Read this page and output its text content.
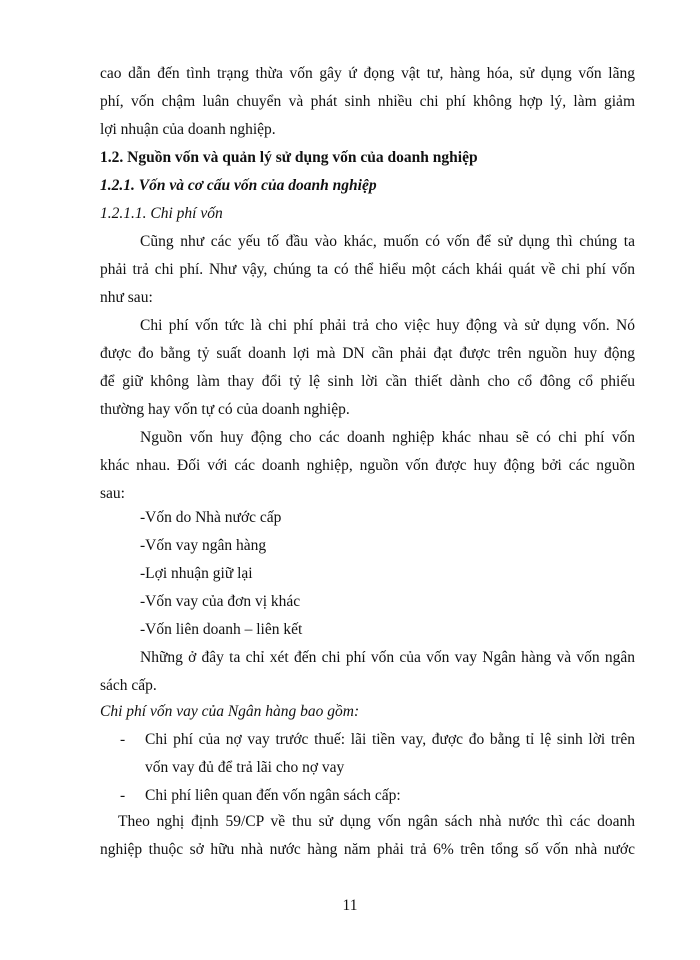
cao dẫn đến tình trạng thừa vốn gây ứ đọng vật tư, hàng hóa, sử dụng vốn lãng
phí, vốn chậm luân chuyển và phát sinh nhiều chi phí không hợp lý, làm giảm
lợi nhuận của doanh nghiệp.
1.2. Nguồn vốn và quản lý sử dụng vốn của doanh nghiệp
1.2.1. Vốn và cơ cấu vốn của doanh nghiệp
1.2.1.1. Chi phí vốn
Cũng như các yếu tố đầu vào khác, muốn có vốn để sử dụng thì chúng ta
phải trả chi phí. Như vậy, chúng ta có thể hiểu một cách khái quát về chi phí vốn
như sau:
Chi phí vốn tức là chi phí phải trả cho việc huy động và sử dụng vốn. Nó
được đo bằng tỷ suất doanh lợi mà DN cần phải đạt được trên nguồn huy động
để giữ không làm thay đổi tỷ lệ sinh lời cần thiết dành cho cổ đông cổ phiếu
thường hay vốn tự có của doanh nghiệp.
Nguồn vốn huy động cho các doanh nghiệp khác nhau sẽ có chi phí vốn
khác nhau. Đối với các doanh nghiệp, nguồn vốn được huy động bởi các nguồn
sau:
-Vốn do Nhà nước cấp
-Vốn vay ngân hàng
-Lợi nhuận giữ lại
-Vốn vay của đơn vị khác
-Vốn liên doanh – liên kết
Những ở đây ta chỉ xét đến chi phí vốn của vốn vay Ngân hàng và vốn ngân
sách cấp.
Chi phí vốn vay của Ngân hàng bao gồm:
- Chi phí của nợ vay trước thuế: lãi tiền vay, được đo bằng tỉ lệ sinh lời trên
vốn vay đủ để trả lãi cho nợ vay
- Chi phí liên quan đến vốn ngân sách cấp:
Theo nghị định 59/CP về thu sử dụng vốn ngân sách nhà nước thì các doanh
nghiệp thuộc sở hữu nhà nước hàng năm phải trả 6% trên tổng số vốn nhà nước
11
